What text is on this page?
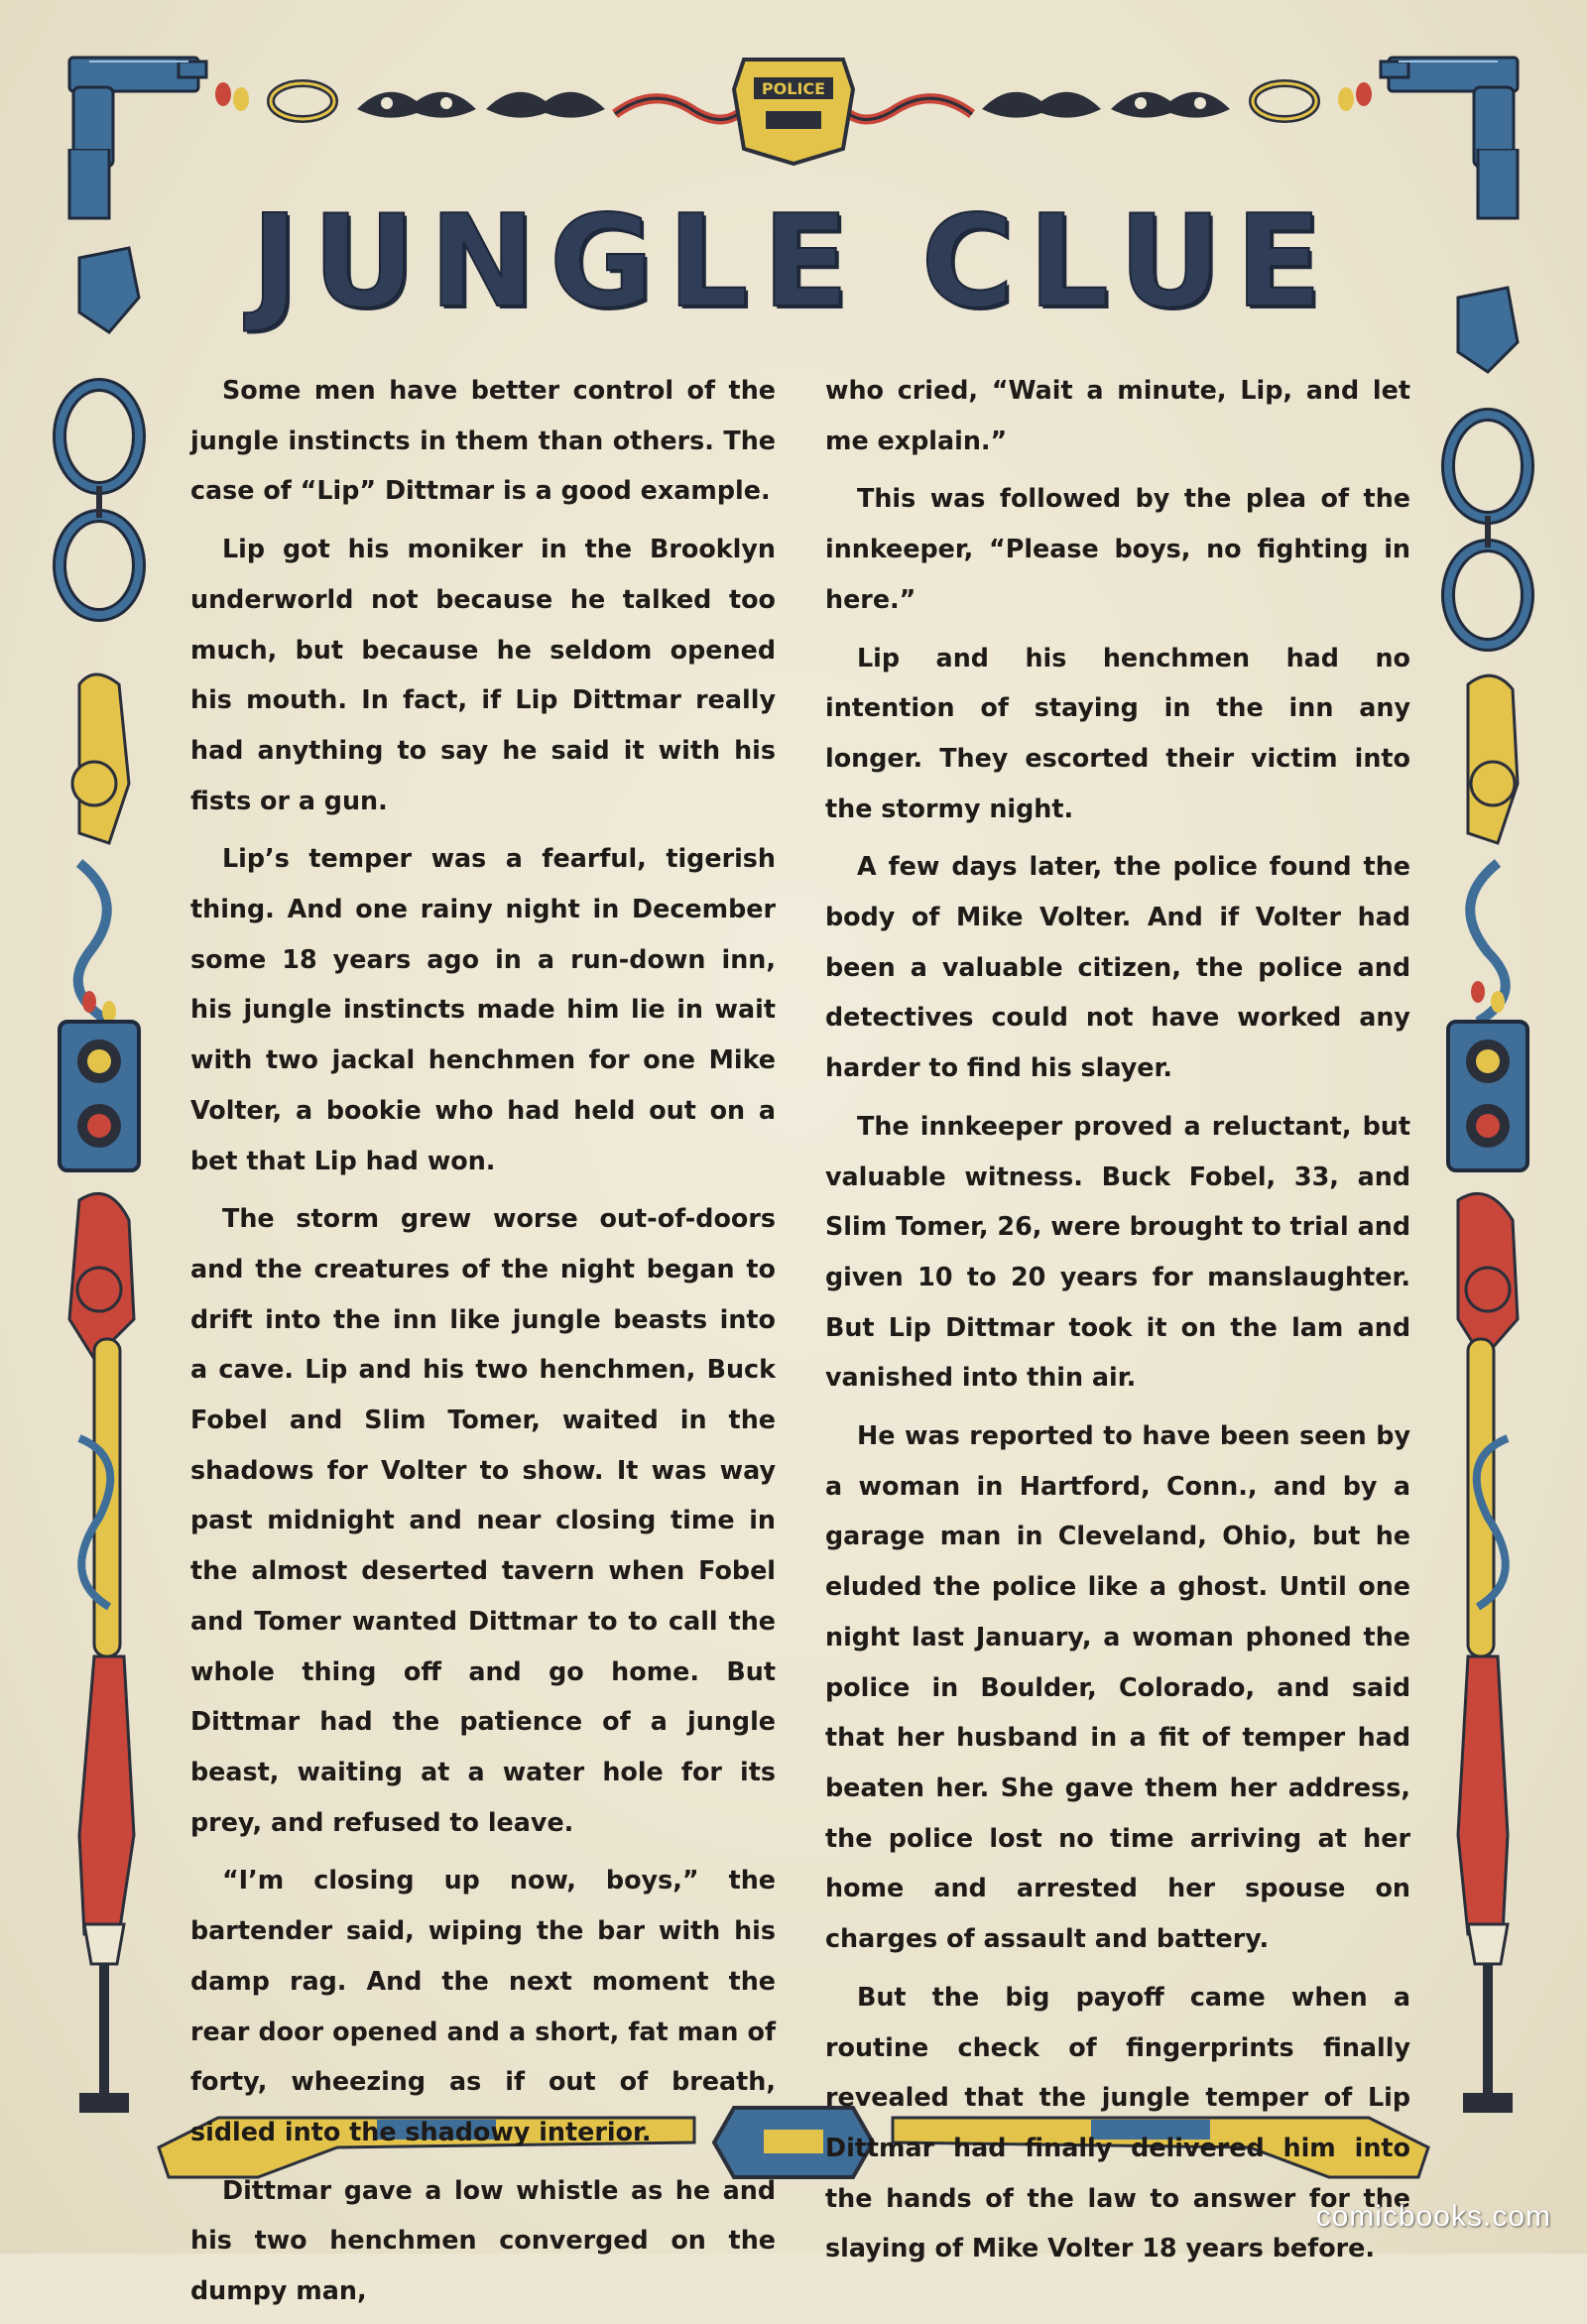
POLICE
JUNGLE CLUE

Some men have better control of the jungle instincts in them than others. The case of “Lip” Dittmar is a good example.

Lip got his moniker in the Brooklyn underworld not because he talked too much, but because he seldom opened his mouth. In fact, if Lip Dittmar really had anything to say he said it with his fists or a gun.

Lip’s temper was a fearful, tigerish thing. And one rainy night in December some 18 years ago in a run-down inn, his jungle instincts made him lie in wait with two jackal henchmen for one Mike Volter, a bookie who had held out on a bet that Lip had won.

The storm grew worse out-of-doors and the creatures of the night began to drift into the inn like jungle beasts into a cave. Lip and his two henchmen, Buck Fobel and Slim Tomer, waited in the shadows for Volter to show. It was way past midnight and near closing time in the almost deserted tavern when Fobel and Tomer wanted Dittmar to to call the whole thing off and go home. But Dittmar had the patience of a jungle beast, waiting at a water hole for its prey, and refused to leave.

“I’m closing up now, boys,” the bartender said, wiping the bar with his damp rag. And the next moment the rear door opened and a short, fat man of forty, wheezing as if out of breath, sidled into the shadowy interior.

Dittmar gave a low whistle as he and his two henchmen converged on the dumpy man,

who cried, “Wait a minute, Lip, and let me explain.”

This was followed by the plea of the innkeeper, “Please boys, no fighting in here.”

Lip and his henchmen had no intention of staying in the inn any longer. They escorted their victim into the stormy night.

A few days later, the police found the body of Mike Volter. And if Volter had been a valuable citizen, the police and detectives could not have worked any harder to find his slayer.

The innkeeper proved a reluctant, but valuable witness. Buck Fobel, 33, and Slim Tomer, 26, were brought to trial and given 10 to 20 years for manslaughter. But Lip Dittmar took it on the lam and vanished into thin air.

He was reported to have been seen by a woman in Hartford, Conn., and by a garage man in Cleveland, Ohio, but he eluded the police like a ghost. Until one night last January, a woman phoned the police in Boulder, Colorado, and said that her husband in a fit of temper had beaten her. She gave them her address, the police lost no time arriving at her home and arrested her spouse on charges of assault and battery.

But the big payoff came when a routine check of fingerprints finally revealed that the jungle temper of Lip Dittmar had finally delivered him into the hands of the law to answer for the slaying of Mike Volter 18 years before.

comicbooks.com
